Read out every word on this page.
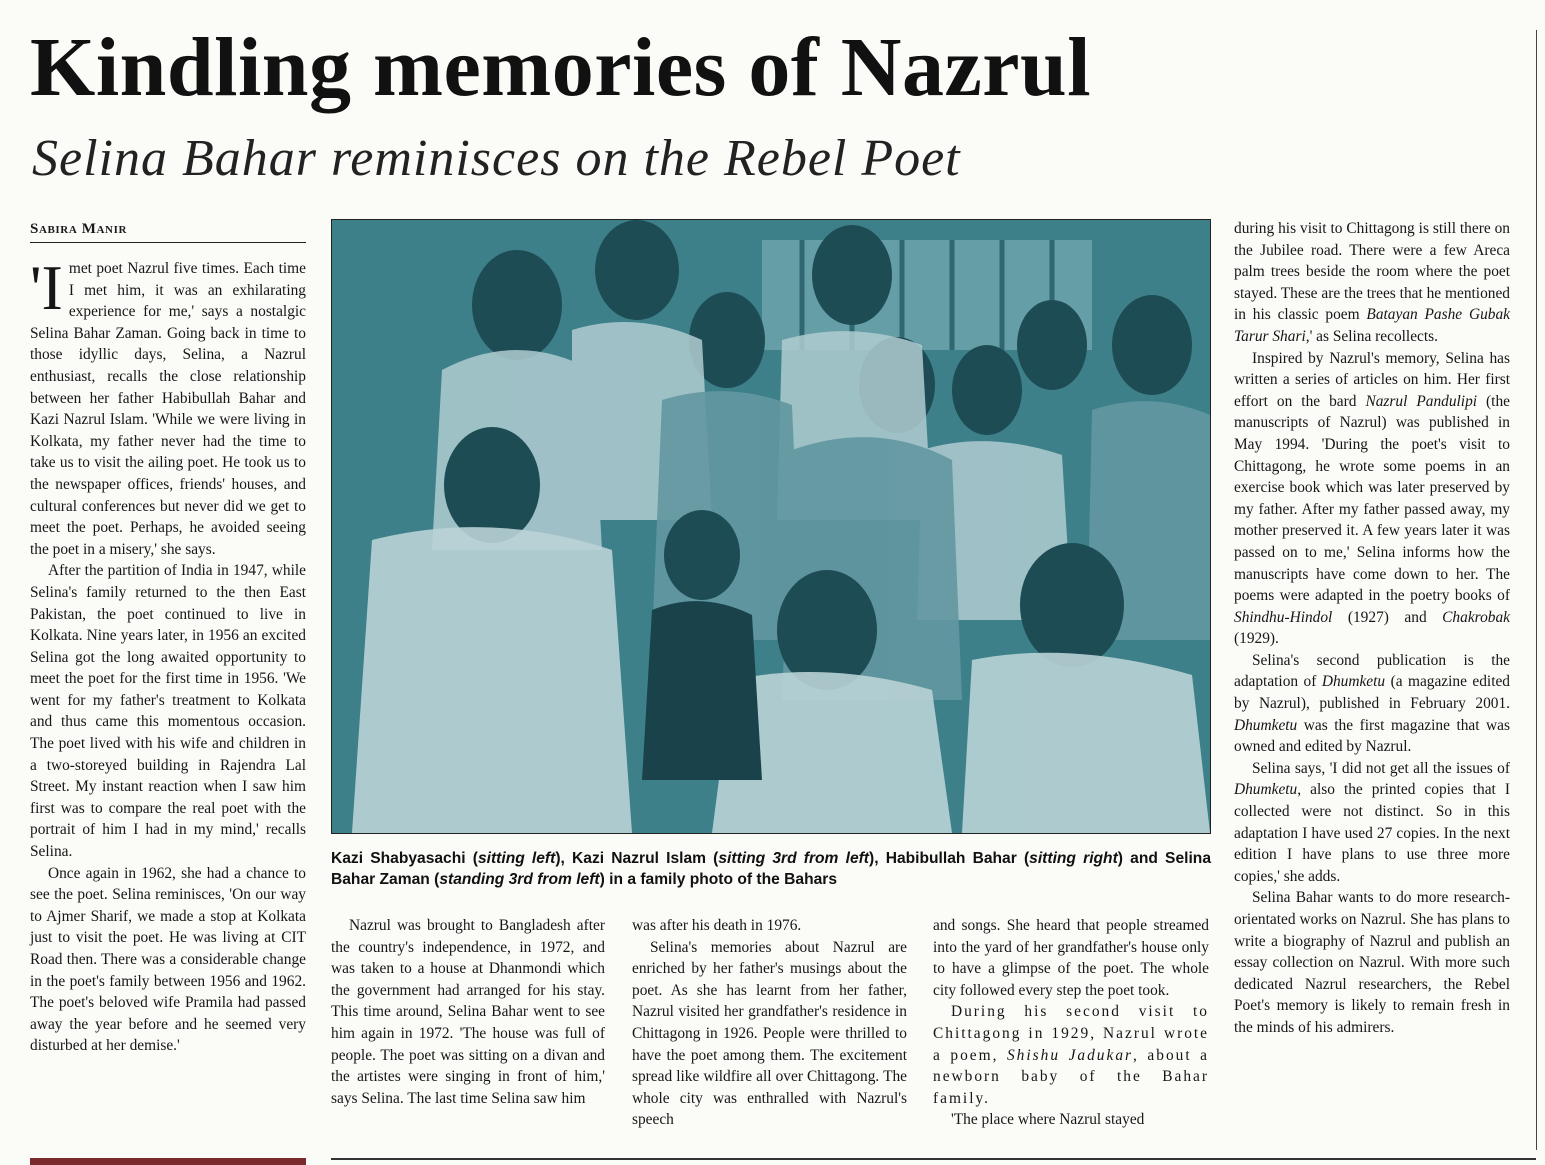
Kindling memories of Nazrul
Selina Bahar reminisces on the Rebel Poet
Sabira Manir
'I met poet Nazrul five times. Each time I met him, it was an exhilarating experience for me,' says a nostalgic Selina Bahar Zaman. Going back in time to those idyllic days, Selina, a Nazrul enthusiast, recalls the close relationship between her father Habibullah Bahar and Kazi Nazrul Islam. 'While we were living in Kolkata, my father never had the time to take us to visit the ailing poet. He took us to the newspaper offices, friends' houses, and cultural conferences but never did we get to meet the poet. Perhaps, he avoided seeing the poet in a misery,' she says.

After the partition of India in 1947, while Selina's family returned to the then East Pakistan, the poet continued to live in Kolkata. Nine years later, in 1956 an excited Selina got the long awaited opportunity to meet the poet for the first time in 1956. 'We went for my father's treatment to Kolkata and thus came this momentous occasion. The poet lived with his wife and children in a two-storeyed building in Rajendra Lal Street. My instant reaction when I saw him first was to compare the real poet with the portrait of him I had in my mind,' recalls Selina.

Once again in 1962, she had a chance to see the poet. Selina reminisces, 'On our way to Ajmer Sharif, we made a stop at Kolkata just to visit the poet. He was living at CIT Road then. There was a considerable change in the poet's family between 1956 and 1962. The poet's beloved wife Pramila had passed away the year before and he seemed very disturbed at her demise.'

Kazi Shabyasachi (sitting left), Kazi Nazrul Islam (sitting 3rd from left), Habibullah Bahar (sitting right) and Selina Bahar Zaman (standing 3rd from left) in a family photo of the Bahars

Nazrul was brought to Bangladesh after the country's independence, in 1972, and was taken to a house at Dhanmondi which the government had arranged for his stay. This time around, Selina Bahar went to see him again in 1972. 'The house was full of people. The poet was sitting on a divan and the artistes were singing in front of him,' says Selina. The last time Selina saw him

was after his death in 1976.

Selina's memories about Nazrul are enriched by her father's musings about the poet. As she has learnt from her father, Nazrul visited her grandfather's residence in Chittagong in 1926. People were thrilled to have the poet among them. The excitement spread like wildfire all over Chittagong. The whole city was enthralled with Nazrul's speech

and songs. She heard that people streamed into the yard of her grandfather's house only to have a glimpse of the poet. The whole city followed every step the poet took.

During his second visit to Chittagong in 1929, Nazrul wrote a poem, Shishu Jadukar, about a newborn baby of the Bahar family.

'The place where Nazrul stayed

during his visit to Chittagong is still there on the Jubilee road. There were a few Areca palm trees beside the room where the poet stayed. These are the trees that he mentioned in his classic poem Batayan Pashe Gubak Tarur Shari,' as Selina recollects.

Inspired by Nazrul's memory, Selina has written a series of articles on him. Her first effort on the bard Nazrul Pandulipi (the manuscripts of Nazrul) was published in May 1994. 'During the poet's visit to Chittagong, he wrote some poems in an exercise book which was later preserved by my father. After my father passed away, my mother preserved it. A few years later it was passed on to me,' Selina informs how the manuscripts have come down to her. The poems were adapted in the poetry books of Shindhu-Hindol (1927) and Chakrobak (1929).

Selina's second publication is the adaptation of Dhumketu (a magazine edited by Nazrul), published in February 2001. Dhumketu was the first magazine that was owned and edited by Nazrul.

Selina says, 'I did not get all the issues of Dhumketu, also the printed copies that I collected were not distinct. So in this adaptation I have used 27 copies. In the next edition I have plans to use three more copies,' she adds.

Selina Bahar wants to do more research-orientated works on Nazrul. She has plans to write a biography of Nazrul and publish an essay collection on Nazrul. With more such dedicated Nazrul researchers, the Rebel Poet's memory is likely to remain fresh in the minds of his admirers.
